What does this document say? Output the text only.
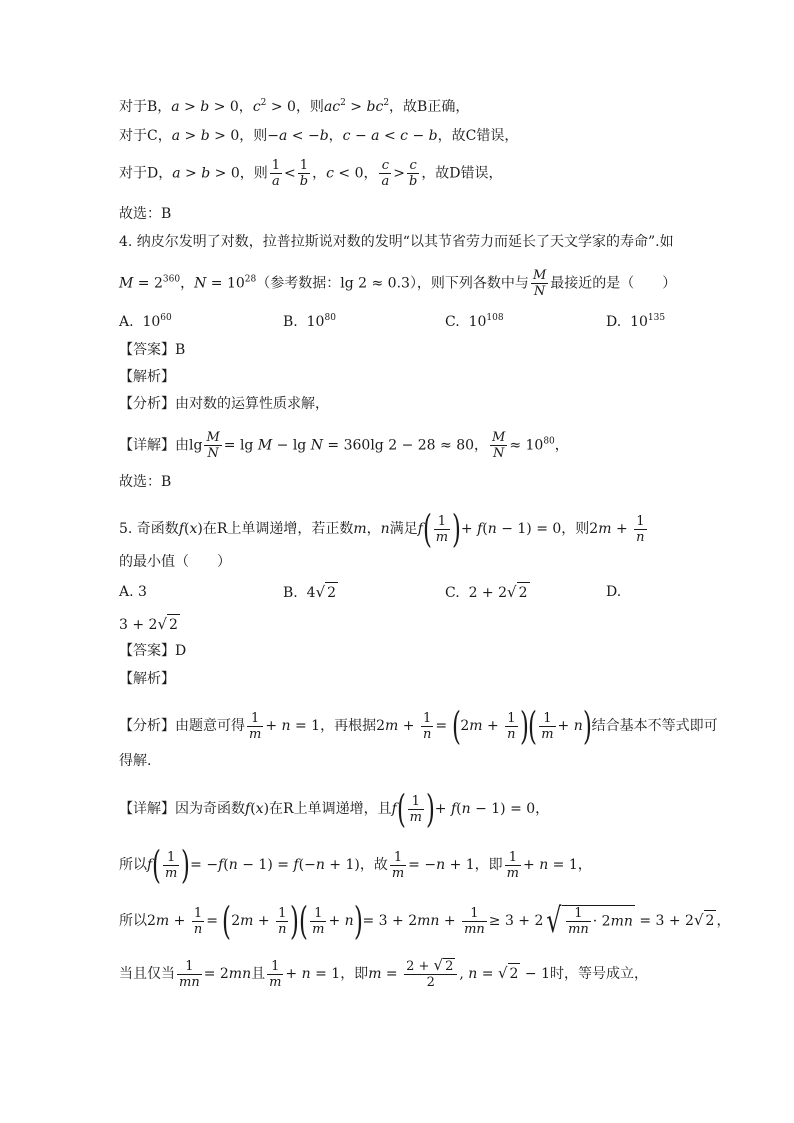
对于B，a > b > 0，$c^2 > 0$，则$ac^2 > bc^2$，故B正确，
对于C，a > b > 0，则−a < −b，c − a < c − b，故C错误，
对于D，a > b > 0，则 $\frac{1}{a} < \frac{1}{b}$ ，c < 0， $\frac{c}{a} > \frac{c}{b}$ ，故D错误，
故选：B
4. 纳皮尔发明了对数，拉普拉斯说对数的发明“以其节省劳力而延长了天文学家的寿命”.如
$M = 2^{360}$，$N = 10^{28}$（参考数据：lg 2 ≈ 0.3），则下列各数中与 $\frac{M}{N}$ 最接近的是（　　）
A.  $10^{60}$	B.  $10^{80}$	C.  $10^{108}$	D.  $10^{135}$
【答案】B
【解析】
【分析】由对数的运算性质求解，
【详解】由$\lg \frac{M}{N} = \lg M - \lg N = 360\lg$ 2 − 28 ≈ 80， $\frac{M}{N} \approx 10^{80}$，
故选：B
5. 奇函数f(x)在R上单调递增，若正数m，n满足$f( \frac{1}{m}$ )+ f(n − 1) = 0，则$2m + \frac{1}{n}$
的最小值（　　）
A. 3	B.  4√ 2	C.  2 + 2√ 2	D.
3 + 2√ 2
【答案】D
【解析】
【分析】由题意可得 $\frac{1}{m} + n = 1$，再根据$2m + \frac{1}{n} = (2m + \frac{1}{n}$ )( $\frac{1}{m} + n$)结合基本不等式即可
得解.
【详解】因为奇函数f(x)在R上单调递增，且$f( \frac{1}{m}$ )+ f(n − 1) = 0，
所以$f( \frac{1}{m}$ )= −f(n − 1) = f(−n + 1)，故 $\frac{1}{m} = -n + 1$，即 $\frac{1}{m} + n = 1$，
所以$2m + \frac{1}{n} = (2m + \frac{1}{n}$ )( $\frac{1}{m} + n)= 3 + 2mn + \frac{1}{mn} \ge 3 + 2√ \frac{1}{mn} \cdot 2mn = 3 + 2√$ 2 ，
当且仅当 $\frac{1}{mn} = 2mn$且 $\frac{1}{m} + n = 1$，即$m = \frac{2 + √ 2}{2}$ , n = √ 2 − 1时，等号成立，
